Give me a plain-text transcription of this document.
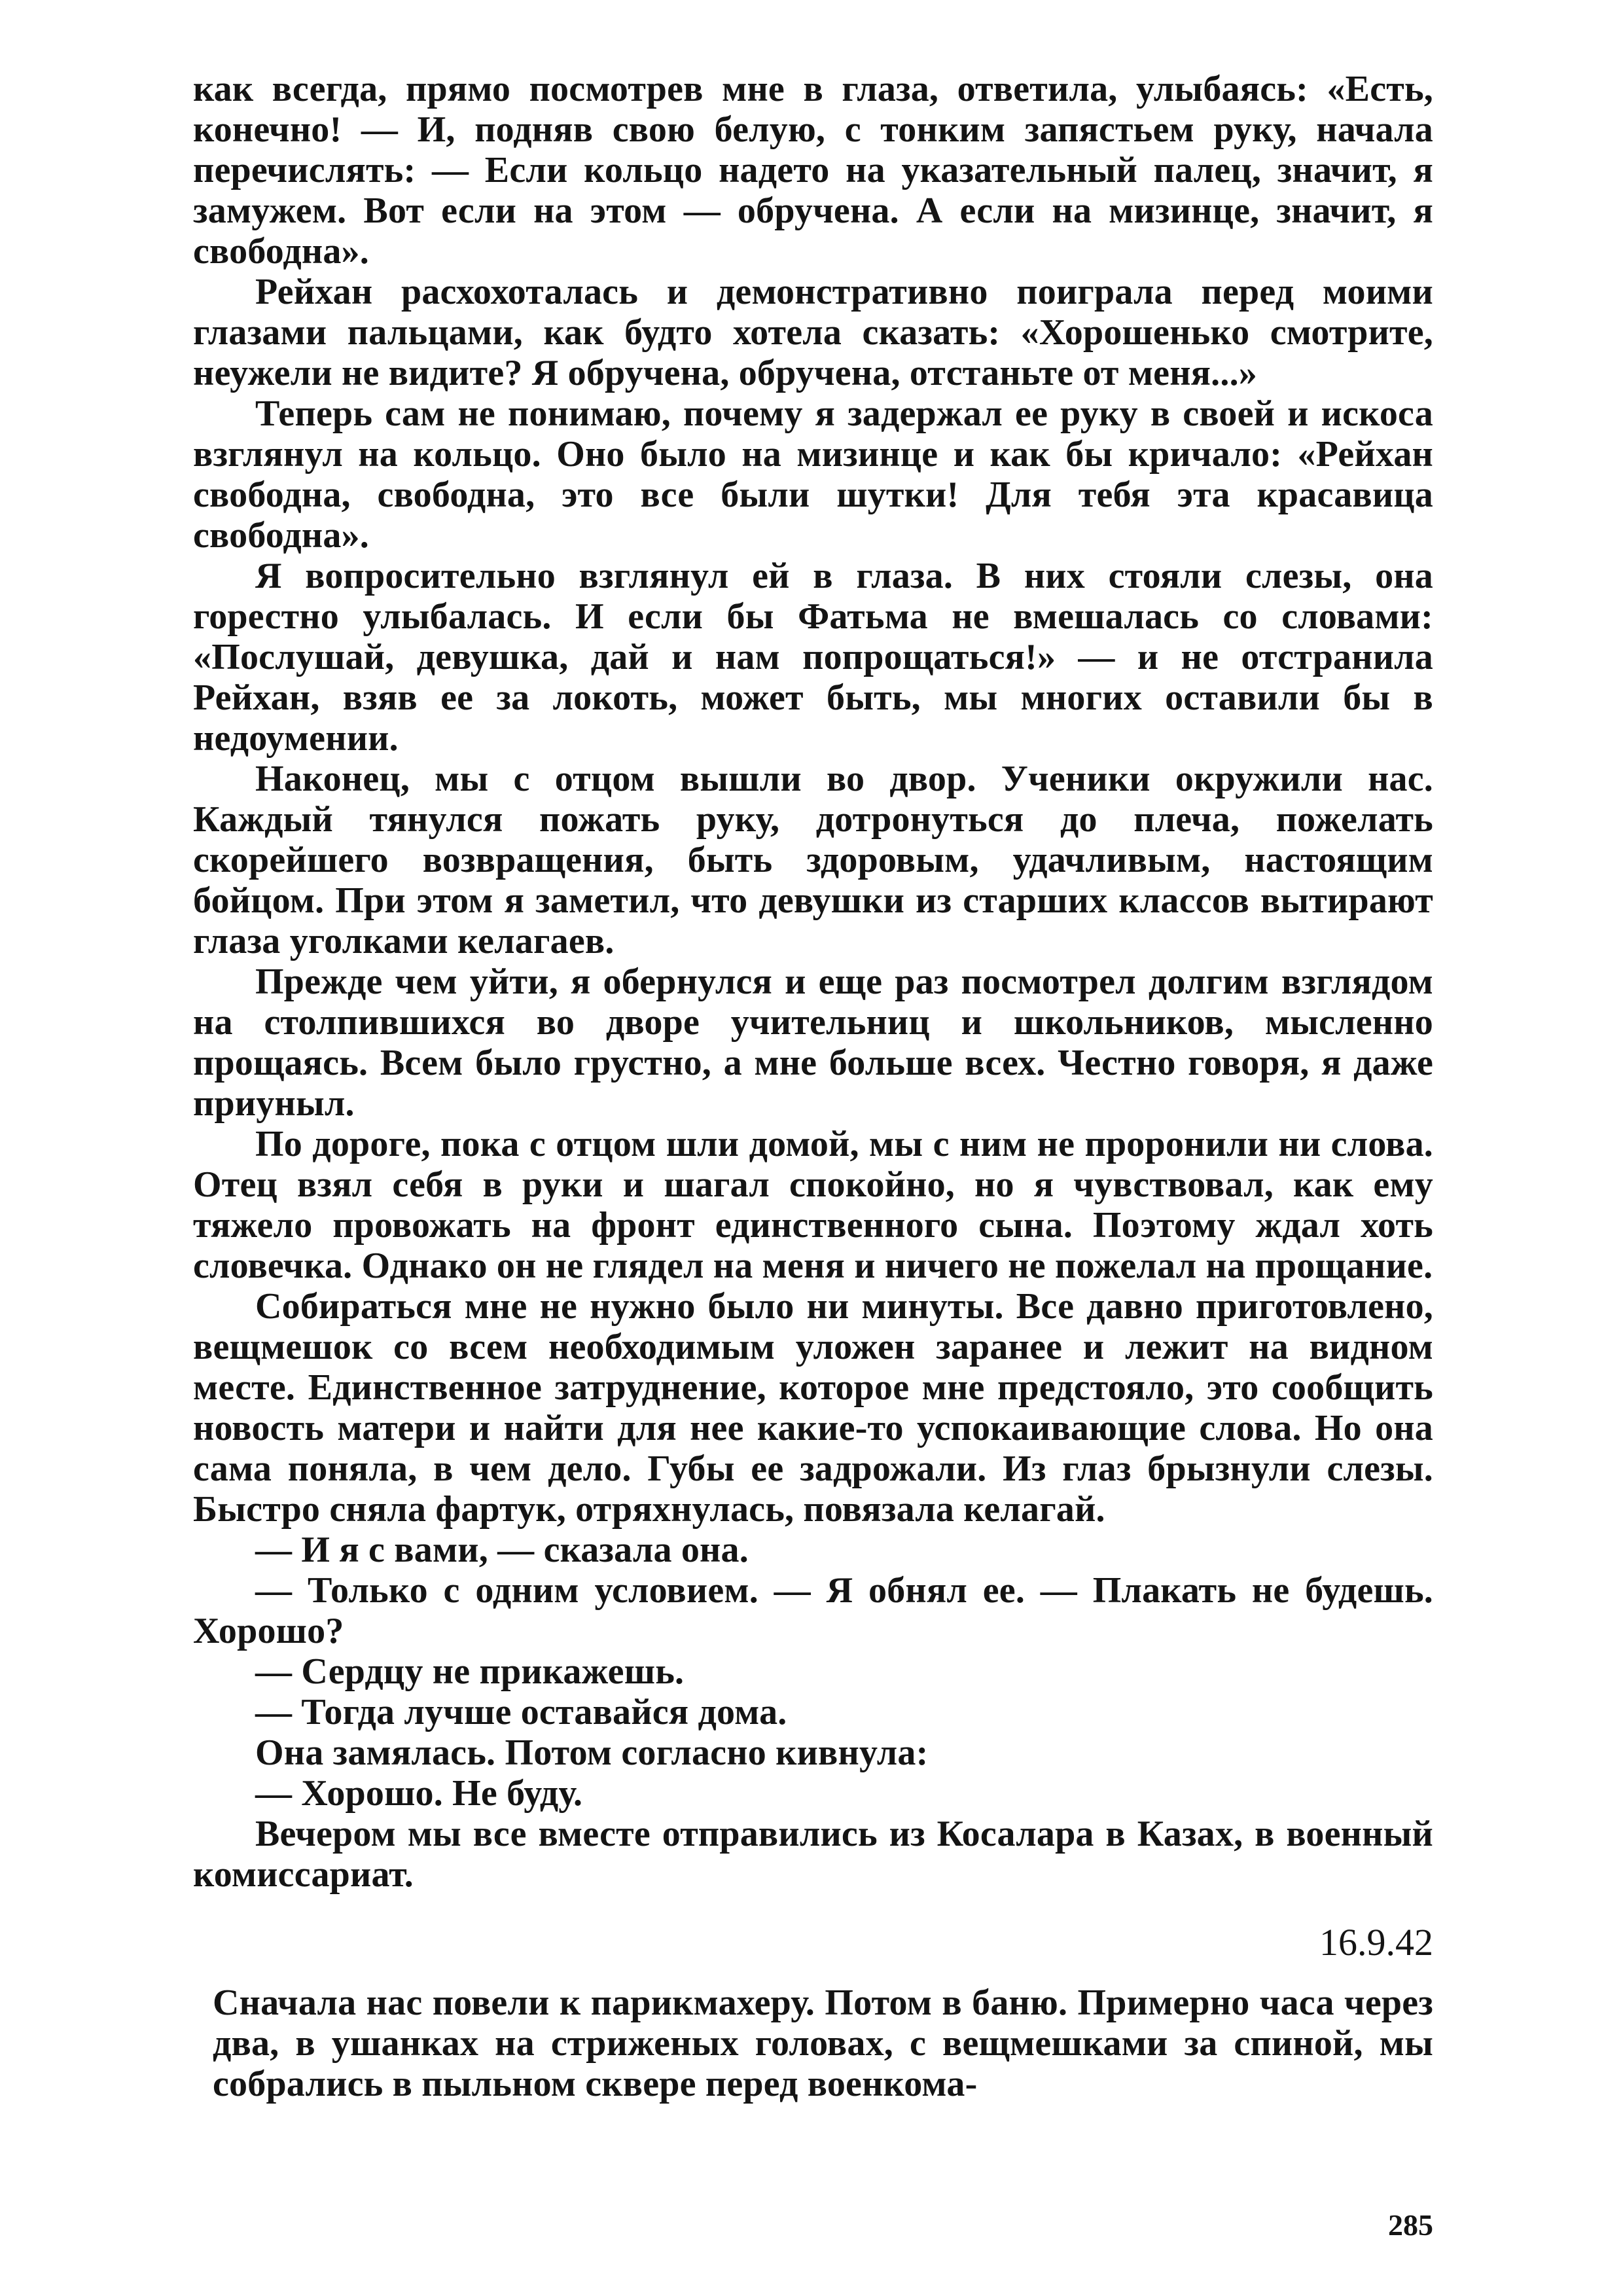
как всегда, прямо посмотрев мне в глаза, ответила, улыбаясь: «Есть, конечно! — И, подняв свою белую, с тонким запястьем руку, начала перечислять: — Если кольцо надето на указательный палец, значит, я замужем. Вот если на этом — обручена. А если на мизинце, значит, я свободна».

Рейхан расхохоталась и демонстративно поиграла перед моими глазами пальцами, как будто хотела сказать: «Хорошенько смотрите, неужели не видите? Я обручена, обручена, отстаньте от меня...»

Теперь сам не понимаю, почему я задержал ее руку в своей и искоса взглянул на кольцо. Оно было на мизинце и как бы кричало: «Рейхан свободна, свободна, это все были шутки! Для тебя эта красавица свободна».

Я вопросительно взглянул ей в глаза. В них стояли слезы, она горестно улыбалась. И если бы Фатьма не вмешалась со словами: «Послушай, девушка, дай и нам попрощаться!» — и не отстранила Рейхан, взяв ее за локоть, может быть, мы многих оставили бы в недоумении.

Наконец, мы с отцом вышли во двор. Ученики окружили нас. Каждый тянулся пожать руку, дотронуться до плеча, пожелать скорейшего возвращения, быть здоровым, удачливым, настоящим бойцом. При этом я заметил, что девушки из старших классов вытирают глаза уголками келагаев.

Прежде чем уйти, я обернулся и еще раз посмотрел долгим взглядом на столпившихся во дворе учительниц и школьников, мысленно прощаясь. Всем было грустно, а мне больше всех. Честно говоря, я даже приуныл.

По дороге, пока с отцом шли домой, мы с ним не проронили ни слова. Отец взял себя в руки и шагал спокойно, но я чувствовал, как ему тяжело провожать на фронт единственного сына. Поэтому ждал хоть словечка. Однако он не глядел на меня и ничего не пожелал на прощание.

Собираться мне не нужно было ни минуты. Все давно приготовлено, вещмешок со всем необходимым уложен заранее и лежит на видном месте. Единственное затруднение, которое мне предстояло, это сообщить новость матери и найти для нее какие-то успокаивающие слова. Но она сама поняла, в чем дело. Губы ее задрожали. Из глаз брызнули слезы. Быстро сняла фартук, отряхнулась, повязала келагай.

— И я с вами, — сказала она.

— Только с одним условием. — Я обнял ее. — Плакать не будешь. Хорошо?

— Сердцу не прикажешь.

— Тогда лучше оставайся дома.

Она замялась. Потом согласно кивнула:

— Хорошо. Не буду.

Вечером мы все вместе отправились из Косалара в Казах, в военный комиссариат.

16.9.42

Сначала нас повели к парикмахеру. Потом в баню. Примерно часа через два, в ушанках на стриженых головах, с вещмешками за спиной, мы собрались в пыльном сквере перед военкома-

285
